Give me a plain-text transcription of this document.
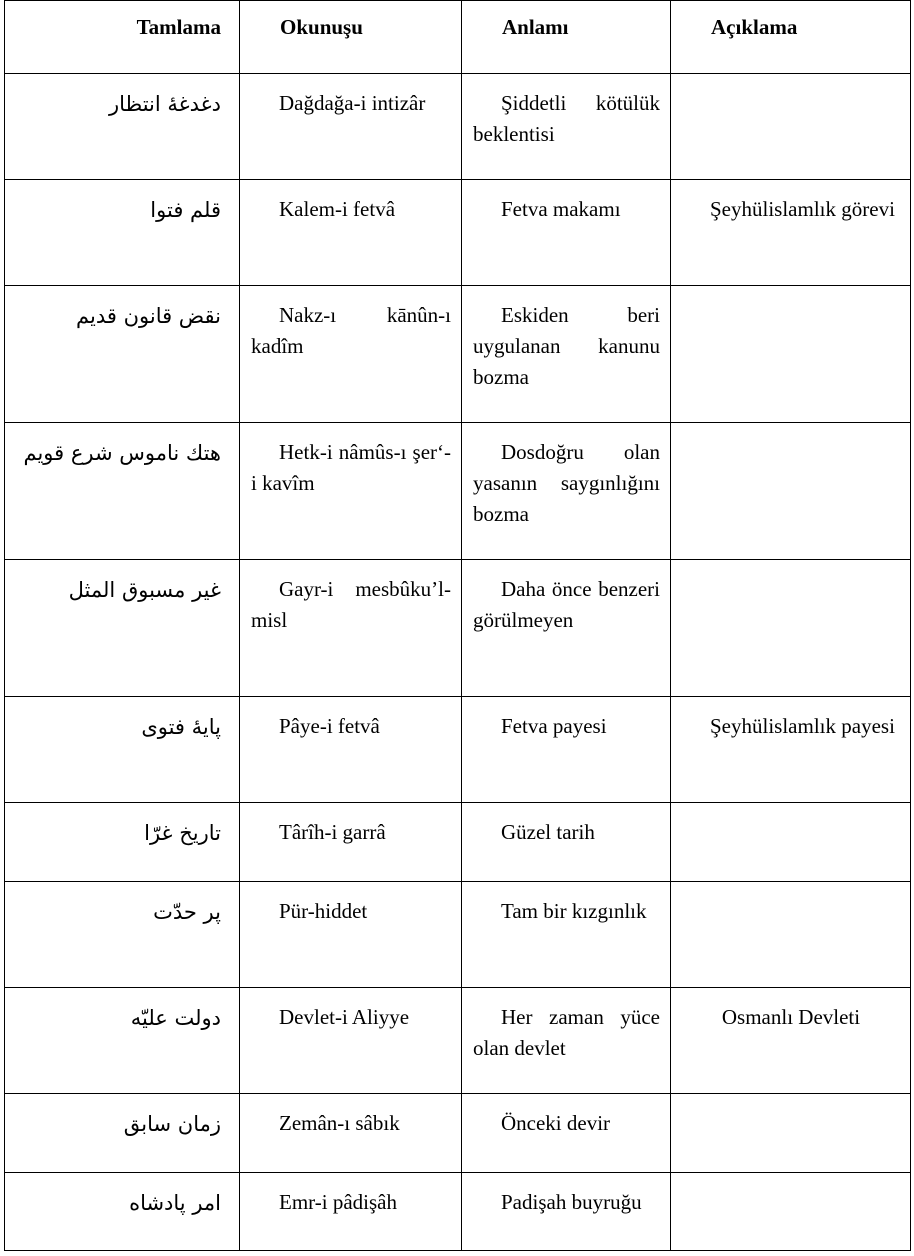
Tamlama	Okunuşu	Anlamı	Açıklama

دغدغهٔ انتظار	Dağdağa-i intizâr	Şiddetli kötülük beklentisi	

قلم فتوا	Kalem-i fetvâ	Fetva makamı	Şeyhülislamlık görevi

نقض قانون قديم	Nakz-ı kānûn-ı kadîm	Eskiden beri uygulanan kanunu bozma	

هتك ناموس شرع قويم	Hetk-i nâmûs-ı şer‘-i kavîm	Dosdoğru olan yasanın saygınlığını bozma	

غير مسبوق المثل	Gayr-i mesbûku’l-misl	Daha önce benzeri görülmeyen	

پايهٔ فتوى	Pâye-i fetvâ	Fetva payesi	Şeyhülislamlık payesi

تاريخ غرّا	Târîh-i garrâ	Güzel tarih	

پر حدّت	Pür-hiddet	Tam bir kızgınlık	

دولت عليّه	Devlet-i Aliyye	Her zaman yüce olan devlet	Osmanlı Devleti

زمان سابق	Zemân-ı sâbık	Önceki devir	

امر پادشاه	Emr-i pâdişâh	Padişah buyruğu	
